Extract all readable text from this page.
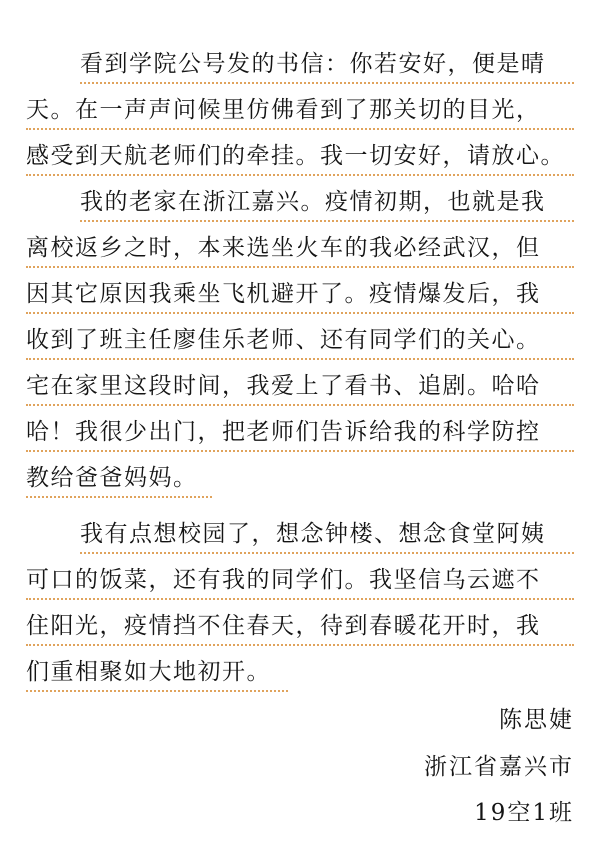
看到学院公号发的书信：你若安好，便是晴
天。在一声声问候里仿佛看到了那关切的目光，
感受到天航老师们的牵挂。我一切安好，请放心。
我的老家在浙江嘉兴。疫情初期，也就是我
离校返乡之时，本来选坐火车的我必经武汉，但
因其它原因我乘坐飞机避开了。疫情爆发后，我
收到了班主任廖佳乐老师、还有同学们的关心。
宅在家里这段时间，我爱上了看书、追剧。哈哈
哈！我很少出门，把老师们告诉给我的科学防控
教给爸爸妈妈。
我有点想校园了，想念钟楼、想念食堂阿姨
可口的饭菜，还有我的同学们。我坚信乌云遮不
住阳光，疫情挡不住春天，待到春暖花开时，我
们重相聚如大地初开。
陈思婕
浙江省嘉兴市
19空1班
